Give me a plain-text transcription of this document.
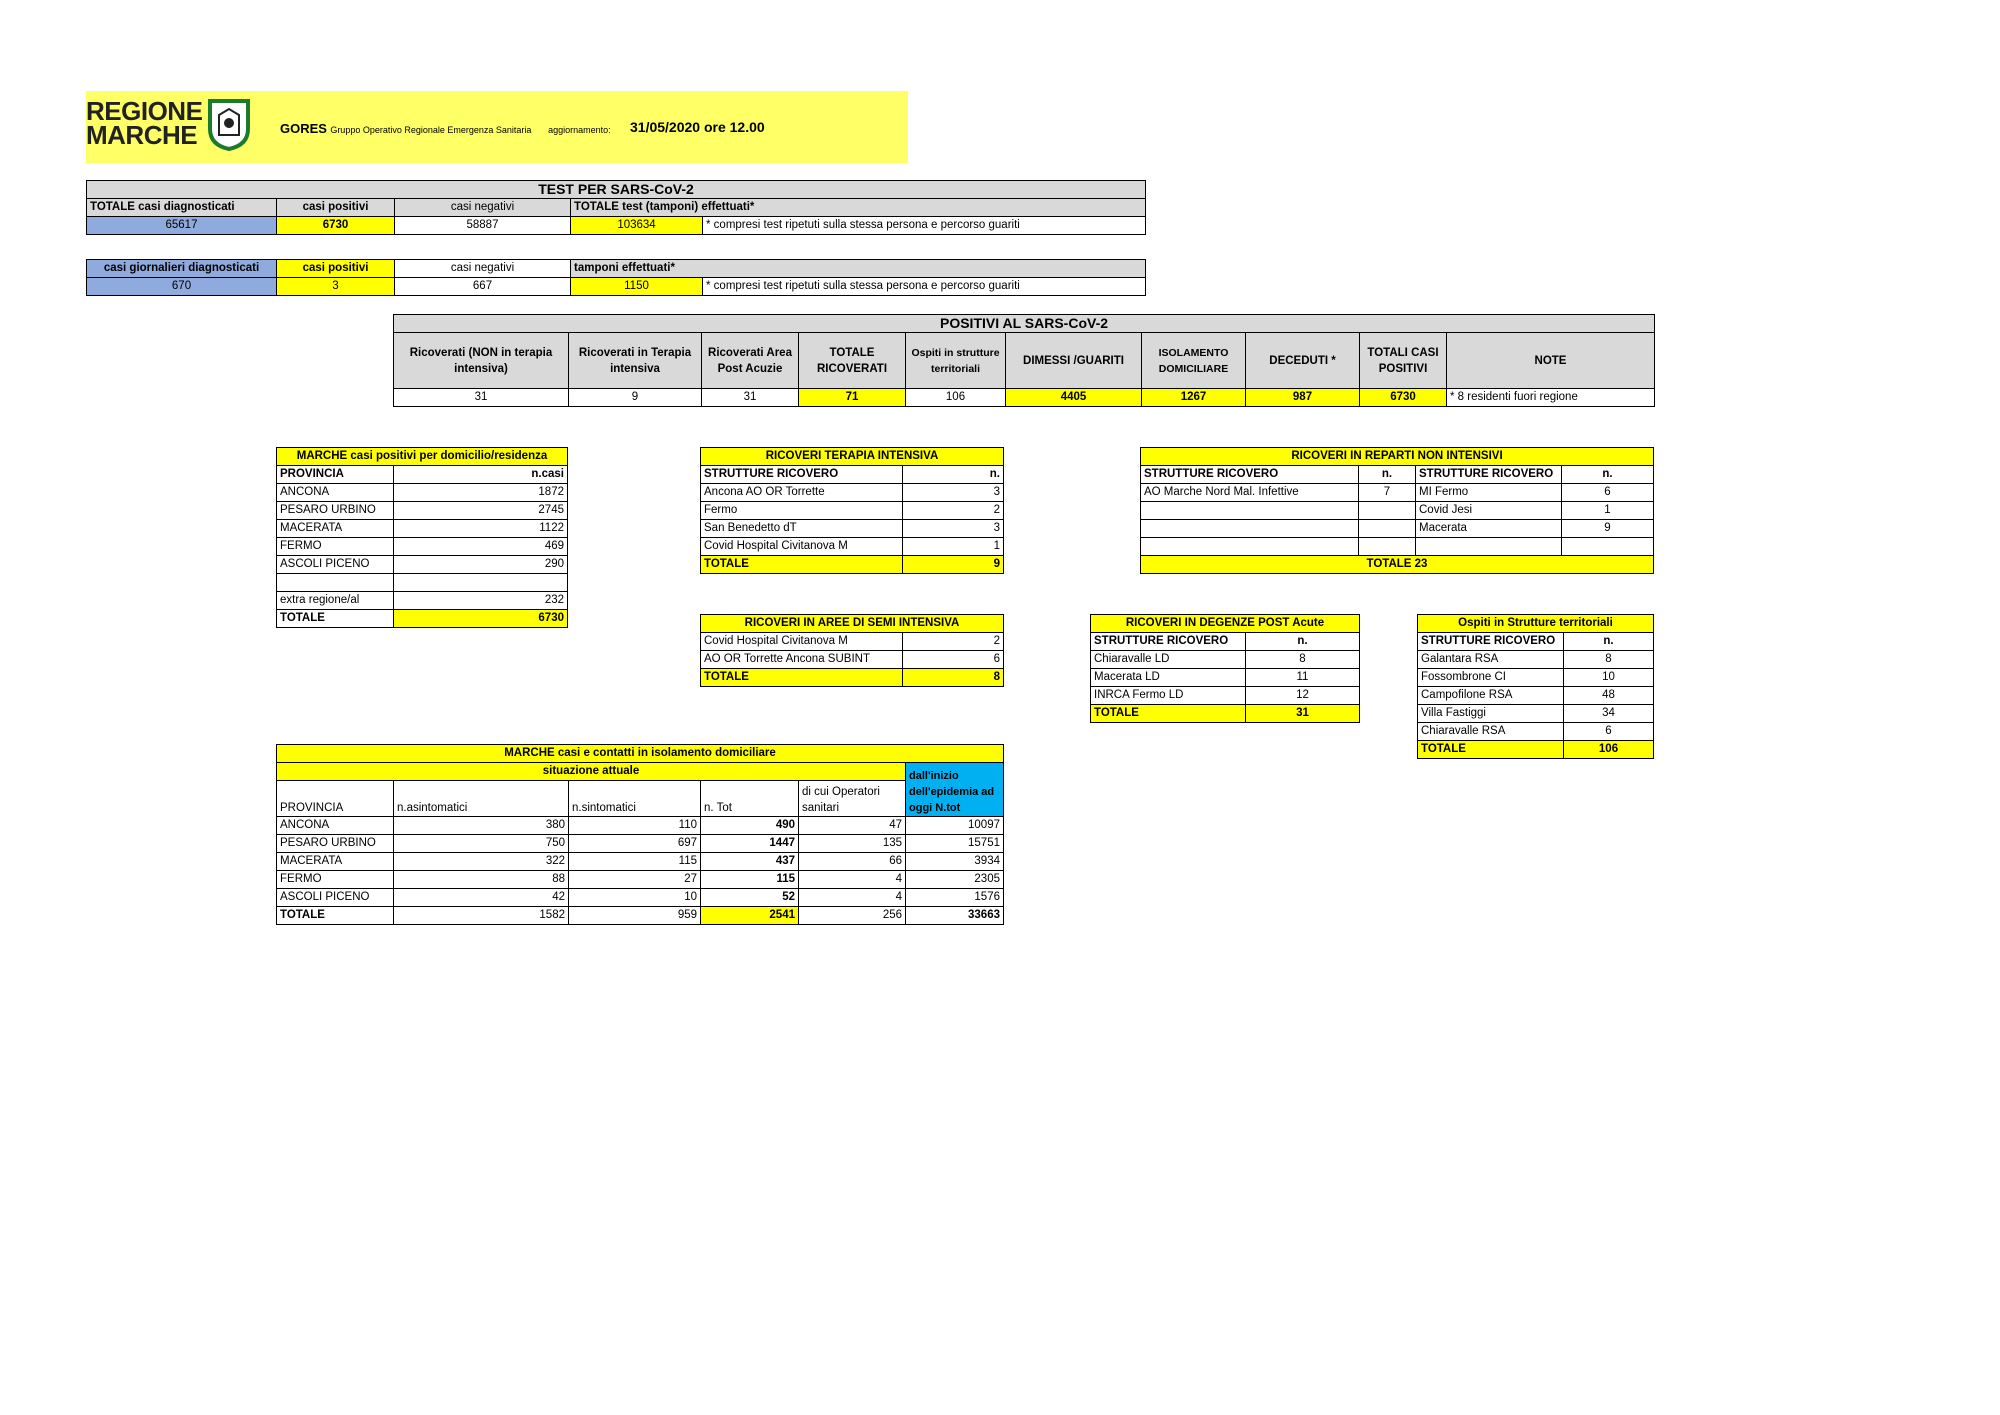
REGIONE
MARCHE	GORES Gruppo Operativo Regionale Emergenza Sanitaria aggiornamento: 31/05/2020 ore 12.00
TEST PER SARS-CoV-2				
TOTALE casi diagnosticati	casi positivi	casi negativi	TOTALE test (tamponi) effettuati*	
65617	6730	58887	103634	* compresi test ripetuti sulla stessa persona e percorso guariti
casi giornalieri diagnosticati	casi positivi	casi negativi	tamponi effettuati*	
670	3	667	1150	* compresi test ripetuti sulla stessa persona e percorso guariti
POSITIVI AL SARS-CoV-2									
Ricoverati (NON in terapia intensiva)	Ricoverati in Terapia intensiva	Ricoverati Area Post Acuzie	TOTALE RICOVERATI	Ospiti in strutture territoriali	DIMESSI /GUARITI	ISOLAMENTO DOMICILIARE	DECEDUTI *	TOTALI CASI POSITIVI	NOTE
31	9	31	71	106	4405	1267	987	6730	* 8 residenti fuori regione
MARCHE casi positivi per domicilio/residenza	
PROVINCIA	n.casi
ANCONA	1872
PESARO URBINO	2745
MACERATA	1122
FERMO	469
ASCOLI PICENO	290

extra regione/al	232
TOTALE	6730
RICOVERI TERAPIA INTENSIVA	
STRUTTURE RICOVERO	n.
Ancona AO OR Torrette	3
Fermo	2
San Benedetto dT	3
Covid Hospital Civitanova M	1
TOTALE	9
RICOVERI IN REPARTI NON INTENSIVI			
STRUTTURE RICOVERO	n.	STRUTTURE RICOVERO	n.
AO Marche Nord Mal. Infettive	7	MI Fermo	6
		Covid Jesi	1
		Macerata	9

TOTALE 23			
RICOVERI IN AREE DI SEMI INTENSIVA	
Covid Hospital Civitanova M	2
AO OR Torrette Ancona SUBINT	6
TOTALE	8
RICOVERI IN DEGENZE POST Acute	
STRUTTURE RICOVERO	n.
Chiaravalle LD	8
Macerata LD	11
INRCA Fermo LD	12
TOTALE	31
Ospiti in Strutture territoriali	
STRUTTURE RICOVERO	n.
Galantara RSA	8
Fossombrone CI	10
Campofilone RSA	48
Villa Fastiggi	34
Chiaravalle RSA	6
TOTALE	106
MARCHE casi e contatti in isolamento domiciliare					
situazione attuale					dall'inizio dell'epidemia ad oggi N.tot
PROVINCIA	n.asintomatici	n.sintomatici	n. Tot	di cui Operatori sanitari	
ANCONA	380	110	490	47	10097
PESARO URBINO	750	697	1447	135	15751
MACERATA	322	115	437	66	3934
FERMO	88	27	115	4	2305
ASCOLI PICENO	42	10	52	4	1576
TOTALE	1582	959	2541	256	33663
